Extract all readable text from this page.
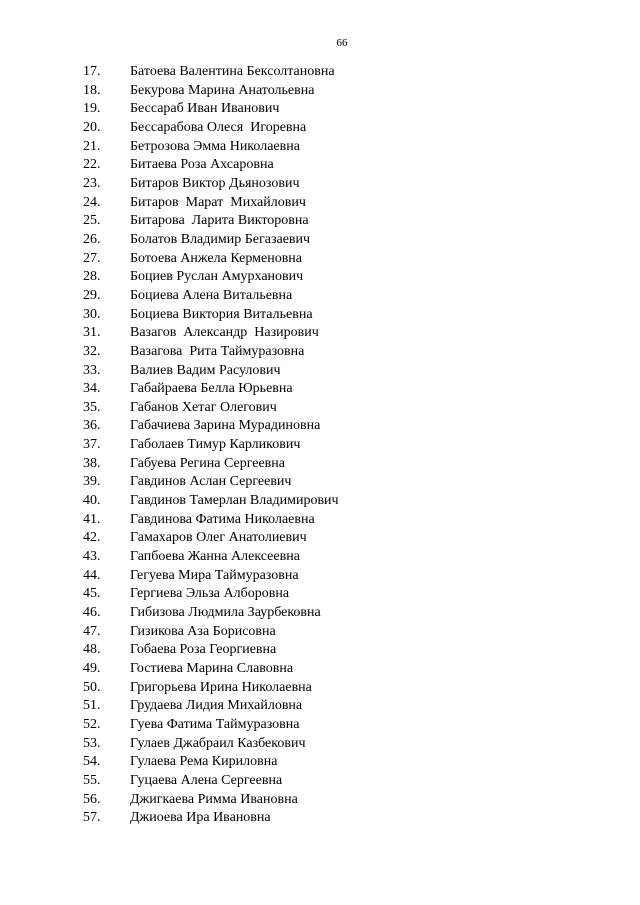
66
17. Батоева Валентина Бексолтановна
18. Бекурова Марина Анатольевна
19. Бессараб Иван Иванович
20. Бессарабова Олеся  Игоревна
21. Бетрозова Эмма Николаевна
22. Битаева Роза Ахсаровна
23. Битаров Виктор Дьянозович
24. Битаров  Марат  Михайлович
25. Битарова  Ларита Викторовна
26. Болатов Владимир Бегазаевич
27. Ботоева Анжела Керменовна
28. Боциев Руслан Амурханович
29. Боциева Алена Витальевна
30. Боциева Виктория Витальевна
31. Вазагов  Александр  Назирович
32. Вазагова  Рита Таймуразовна
33. Валиев Вадим Расулович
34. Габайраева Белла Юрьевна
35. Габанов Хетаг Олегович
36. Габачиева Зарина Мурадиновна
37. Габолаев Тимур Карликович
38. Габуева Регина Сергеевна
39. Гавдинов Аслан Сергеевич
40. Гавдинов Тамерлан Владимирович
41. Гавдинова Фатима Николаевна
42. Гамахаров Олег Анатолиевич
43. Гапбоева Жанна Алексеевна
44. Гегуева Мира Таймуразовна
45. Гергиева Эльза Алборовна
46. Гибизова Людмила Заурбековна
47. Гизикова Аза Борисовна
48. Гобаева Роза Георгиевна
49. Гостиева Марина Славовна
50. Григорьева Ирина Николаевна
51. Грудаева Лидия Михайловна
52. Гуева Фатима Таймуразовна
53. Гулаев Джабраил Казбекович
54. Гулаева Рема Кириловна
55. Гуцаева Алена Сергеевна
56. Джигкаева Римма Ивановна
57. Джиоева Ира Ивановна
